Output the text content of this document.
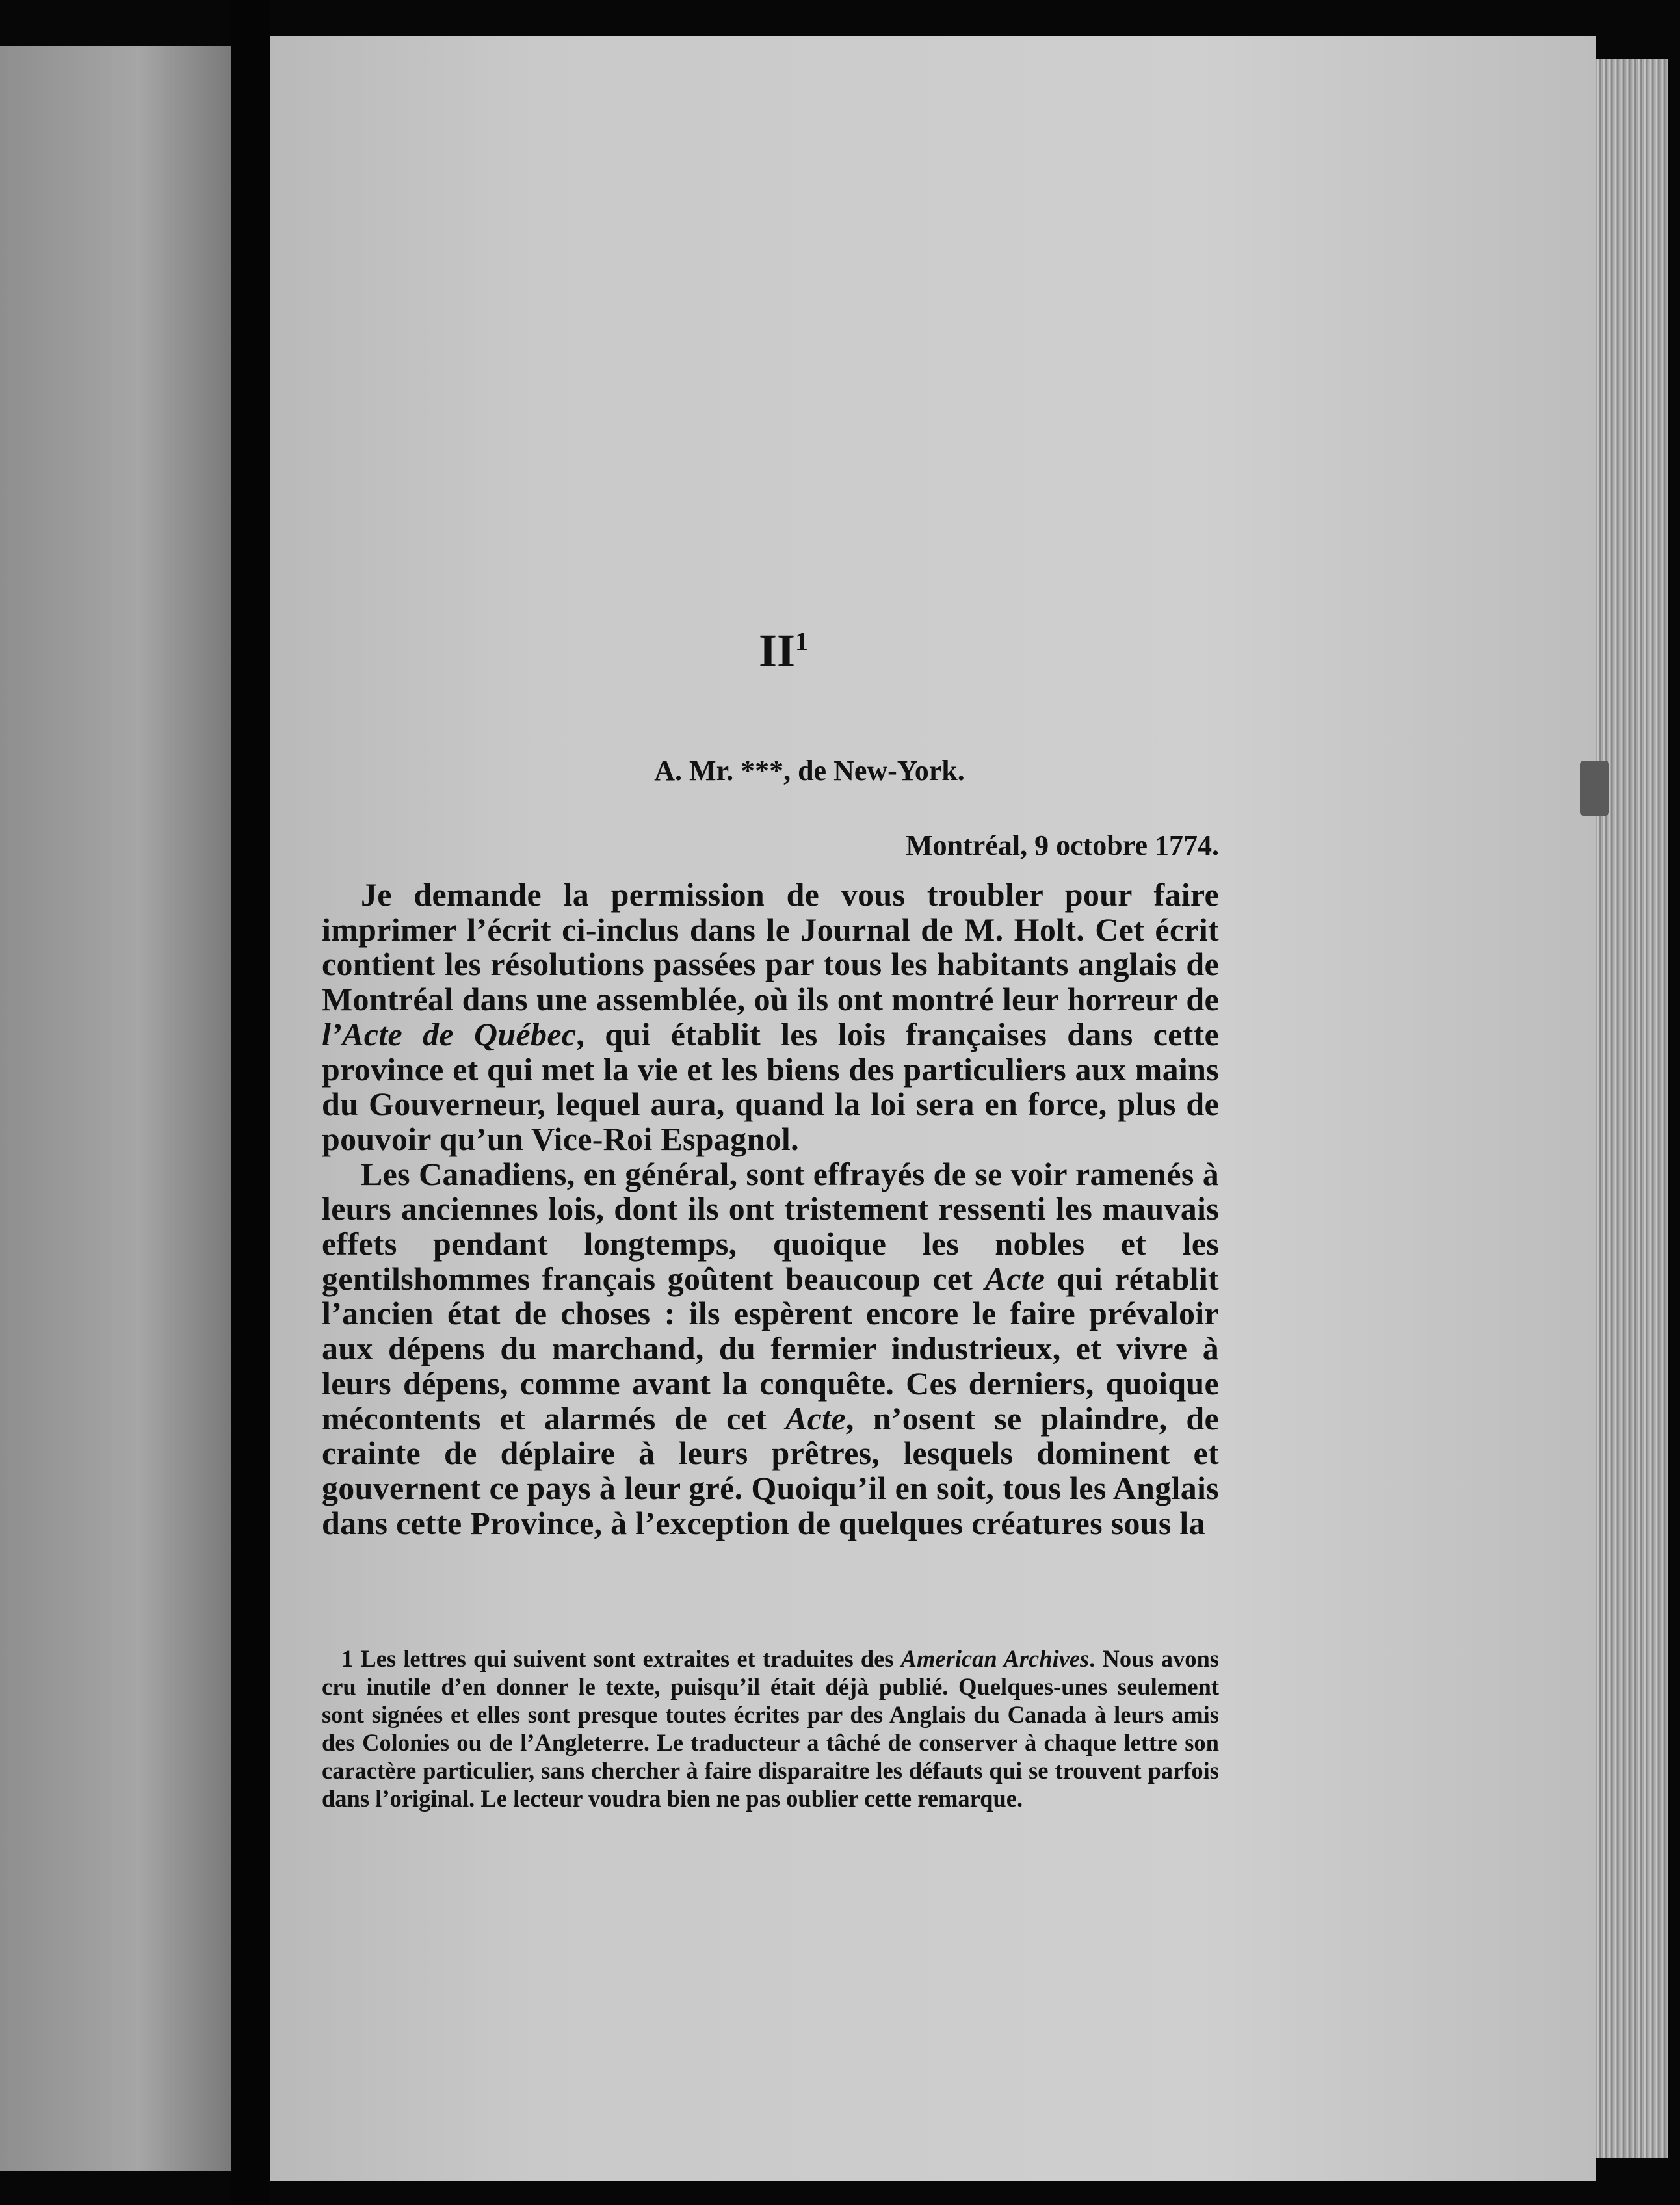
$II^1$
A. Mr. ***, de New-York.
Montréal, 9 octobre 1774.

Je demande la permission de vous troubler pour faire imprimer l’écrit ci-inclus dans le Journal de M. Holt. Cet écrit contient les résolutions passées par tous les habitants anglais de Montréal dans une assemblée, où ils ont montré leur horreur de l’Acte de Québec, qui établit les lois françaises dans cette province et qui met la vie et les biens des particuliers aux mains du Gouverneur, lequel aura, quand la loi sera en force, plus de pouvoir qu’un Vice-Roi Espagnol.

Les Canadiens, en général, sont effrayés de se voir ramenés à leurs anciennes lois, dont ils ont tristement ressenti les mauvais effets pendant longtemps, quoique les nobles et les gentilshommes français goûtent beaucoup cet Acte qui rétablit l’ancien état de choses : ils espèrent encore le faire prévaloir aux dépens du marchand, du fermier industrieux, et vivre à leurs dépens, comme avant la conquête. Ces derniers, quoique mécontents et alarmés de cet Acte, n’osent se plaindre, de crainte de déplaire à leurs prêtres, lesquels dominent et gouvernent ce pays à leur gré. Quoiqu’il en soit, tous les Anglais dans cette Province, à l’exception de quelques créatures sous la

1 Les lettres qui suivent sont extraites et traduites des American Archives. Nous avons cru inutile d’en donner le texte, puisqu’il était déjà publié. Quelques-unes seulement sont signées et elles sont presque toutes écrites par des Anglais du Canada à leurs amis des Colonies ou de l’Angleterre. Le traducteur a tâché de conserver à chaque lettre son caractère particulier, sans chercher à faire disparaitre les défauts qui se trouvent parfois dans l’original. Le lecteur voudra bien ne pas oublier cette remarque.
